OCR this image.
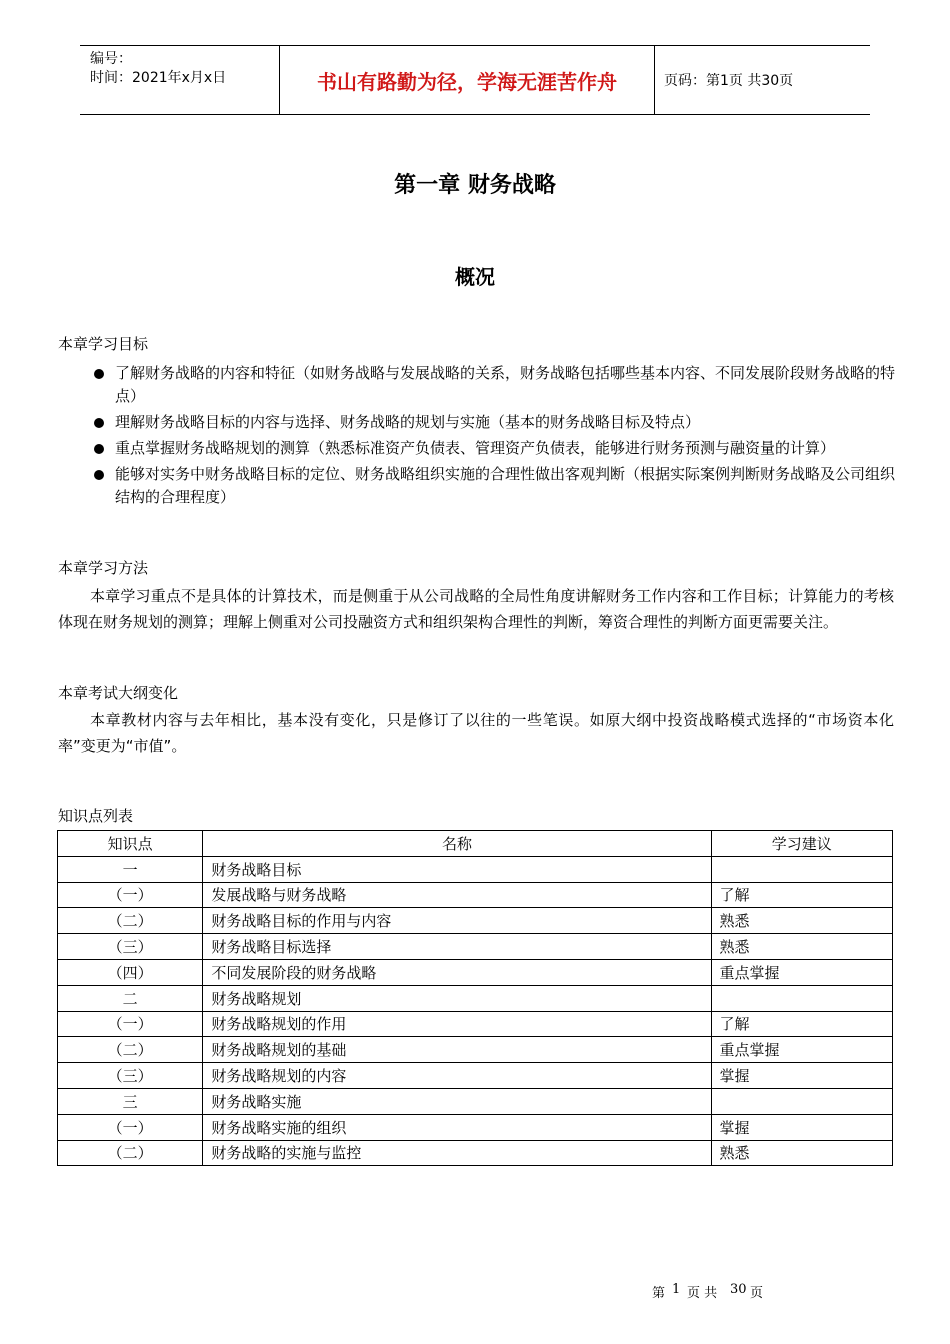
编号：
时间：2021年x月x日	书山有路勤为径，学海无涯苦作舟	页码：第1页 共30页
第一章 财务战略
概况
本章学习目标
了解财务战略的内容和特征（如财务战略与发展战略的关系，财务战略包括哪些基本内容、不同发展阶段财务战略的特点）
理解财务战略目标的内容与选择、财务战略的规划与实施（基本的财务战略目标及特点）
重点掌握财务战略规划的测算（熟悉标准资产负债表、管理资产负债表，能够进行财务预测与融资量的计算）
能够对实务中财务战略目标的定位、财务战略组织实施的合理性做出客观判断（根据实际案例判断财务战略及公司组织结构的合理程度）
本章学习方法
本章学习重点不是具体的计算技术，而是侧重于从公司战略的全局性角度讲解财务工作内容和工作目标；计算能力的考核体现在财务规划的测算；理解上侧重对公司投融资方式和组织架构合理性的判断，筹资合理性的判断方面更需要关注。
本章考试大纲变化
本章教材内容与去年相比，基本没有变化，只是修订了以往的一些笔误。如原大纲中投资战略模式选择的“市场资本化率”变更为“市值”。
知识点列表
知识点	名称	学习建议
一	财务战略目标	
（一）	发展战略与财务战略	了解
（二）	财务战略目标的作用与内容	熟悉
（三）	财务战略目标选择	熟悉
（四）	不同发展阶段的财务战略	重点掌握
二	财务战略规划	
（一）	财务战略规划的作用	了解
（二）	财务战略规划的基础	重点掌握
（三）	财务战略规划的内容	掌握
三	财务战略实施	
（一）	财务战略实施的组织	掌握
（二）	财务战略的实施与监控	熟悉
第 1 页 共 30 页
